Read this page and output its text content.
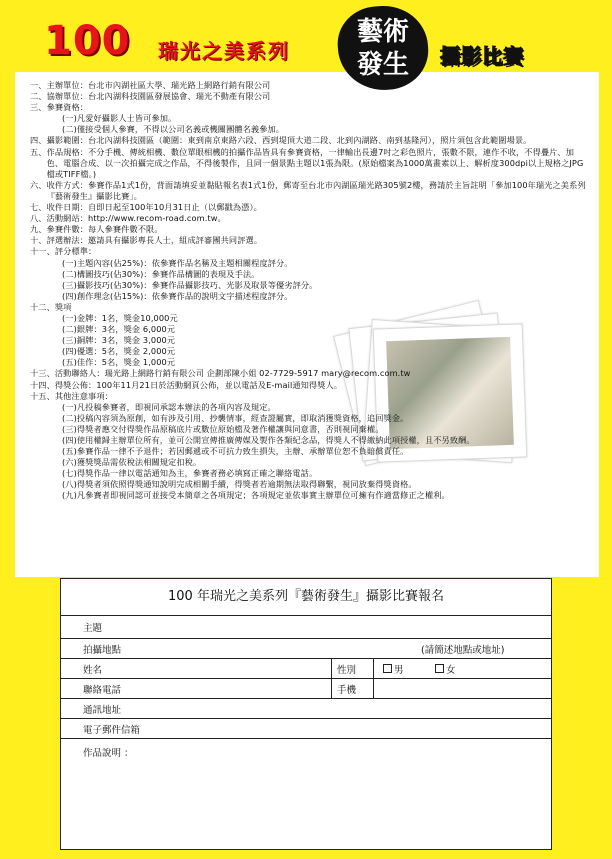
100 瑞光之美系列
藝術
發生	攝影比賽
一、 主辦單位：台北市內湖社區大學、瑞光路上網路行銷有限公司
二、 協辦單位：台北內湖科技園區發展協會、瑞光不動產有限公司
三、 參賽資格：
(一) 凡愛好攝影人士皆可參加。
(二) 僅接受個人參賽，不得以公司名義或機關團體名義參加。
四、 攝影範圍：台北內湖科技園區（範圍：東到南京東路六段、西到堤頂大道二段、北到內湖路、南到基隆河），照片須包含此範圍場景。
五、 作品規格：不分手機、傳統相機、數位單眼相機的拍攝作品皆具有參賽資格，一律輸出長邊7吋之彩色照片，張數不限，連作不收，不得疊片、加色、電腦合成、以一次拍攝完成之作品，不得後製作，且同一個景點主題以1張為限。(原始檔案為1000萬畫素以上、解析度300dpi以上規格之JPG檔或TIFF檔。)
六、 收件方式：參賽作品1式1份，背面請填妥並黏貼報名表1式1份，郵寄至台北市內湖區瑞光路305號2樓，務請於主旨註明「參加100年瑞光之美系列『藝術發生』攝影比賽」。
七、 收件日期：自即日起至100年10月31日止（以郵戳為憑）。
八、 活動網站：http://www.recom-road.com.tw。
九、 參賽件數：每人參賽件數不限。
十、 評選辦法：邀請具有攝影專長人士，組成評審團共同評選。
十一、 評分標準：
(一) 主題內容(佔25%)：依參賽作品名稱及主題相關程度評分。
(二) 構圖技巧(佔30%)：參賽作品構圖的表現及手法。
(三) 攝影技巧(佔30%)：參賽作品攝影技巧、光影及取景等優劣評分。
(四) 創作理念(佔15%)：依參賽作品的說明文字描述程度評分。
十二、 獎項
(一) 金牌：1名，獎金10,000元
(二) 銀牌：3名，獎金 6,000元
(三) 銅牌：3名，獎金 3,000元
(四) 優選：5名，獎金 2,000元
(五) 佳作：5名，獎金 1,000元
十三、 活動聯絡人：瑞光路上網路行銷有限公司 企劃部陳小姐 02-7729-5917 mary@recom.com.tw
十四、 得獎公佈：100年11月21日於活動網頁公佈，並以電話及E-mail通知得獎人。
十五、 其他注意事項：
(一) 凡投稿參賽者，即視同承認本辦法的各項內容及規定。
(二) 投稿內容須為原創，如有涉及引用、抄襲情事，經查證屬實，即取消獲獎資格，追回獎金。
(三) 得獎者應交付得獎作品原稿底片或數位原始檔及著作權讓與同意書，否則視同棄權。
(四) 使用權歸主辦單位所有，並可公開宣傳推廣傳媒及製作各類紀念品，得獎人不得繳納此項授權，且不另致酬。
(五) 參賽作品一律不予退件；若因郵遞或不可抗力致生損失，主辦、承辦單位恕不負賠償責任。
(六) 獲獎獎品需依稅法相關規定扣稅。
(七) 得獎作品一律以電話通知為主，參賽者務必填寫正確之聯絡電話。
(八) 得獎者須依照得獎通知說明完成相關手續，得獎者若逾期無法取得聯繫，視同放棄得獎資格。
(九) 凡參賽者即視同認可並接受本簡章之各項規定；各項規定並依事實主辦單位可擁有作適當修正之權利。
100 年瑞光之美系列『藝術發生』攝影比賽報名
主題
拍攝地點	(請簡述地點或地址)
姓名	性別	男	女
聯絡電話	手機
通訊地址
電子郵件信箱
作品說明 ：
